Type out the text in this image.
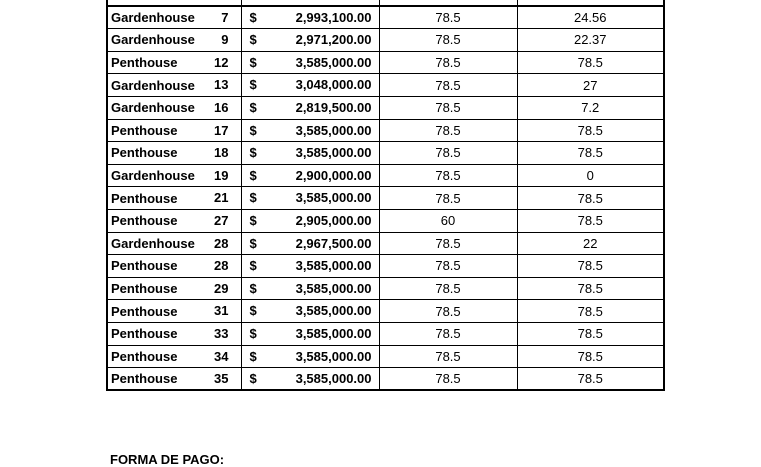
Gardenhouse 7	$ 2,993,100.00	78.5	24.56
Gardenhouse 9	$ 2,971,200.00	78.5	22.37
Penthouse 12	$ 3,585,000.00	78.5	78.5
Gardenhouse 13	$ 3,048,000.00	78.5	27
Gardenhouse 16	$ 2,819,500.00	78.5	7.2
Penthouse 17	$ 3,585,000.00	78.5	78.5
Penthouse 18	$ 3,585,000.00	78.5	78.5
Gardenhouse 19	$ 2,900,000.00	78.5	0
Penthouse 21	$ 3,585,000.00	78.5	78.5
Penthouse 27	$ 2,905,000.00	60	78.5
Gardenhouse 28	$ 2,967,500.00	78.5	22
Penthouse 28	$ 3,585,000.00	78.5	78.5
Penthouse 29	$ 3,585,000.00	78.5	78.5
Penthouse 31	$ 3,585,000.00	78.5	78.5
Penthouse 33	$ 3,585,000.00	78.5	78.5
Penthouse 34	$ 3,585,000.00	78.5	78.5
Penthouse 35	$ 3,585,000.00	78.5	78.5
FORMA DE PAGO:
